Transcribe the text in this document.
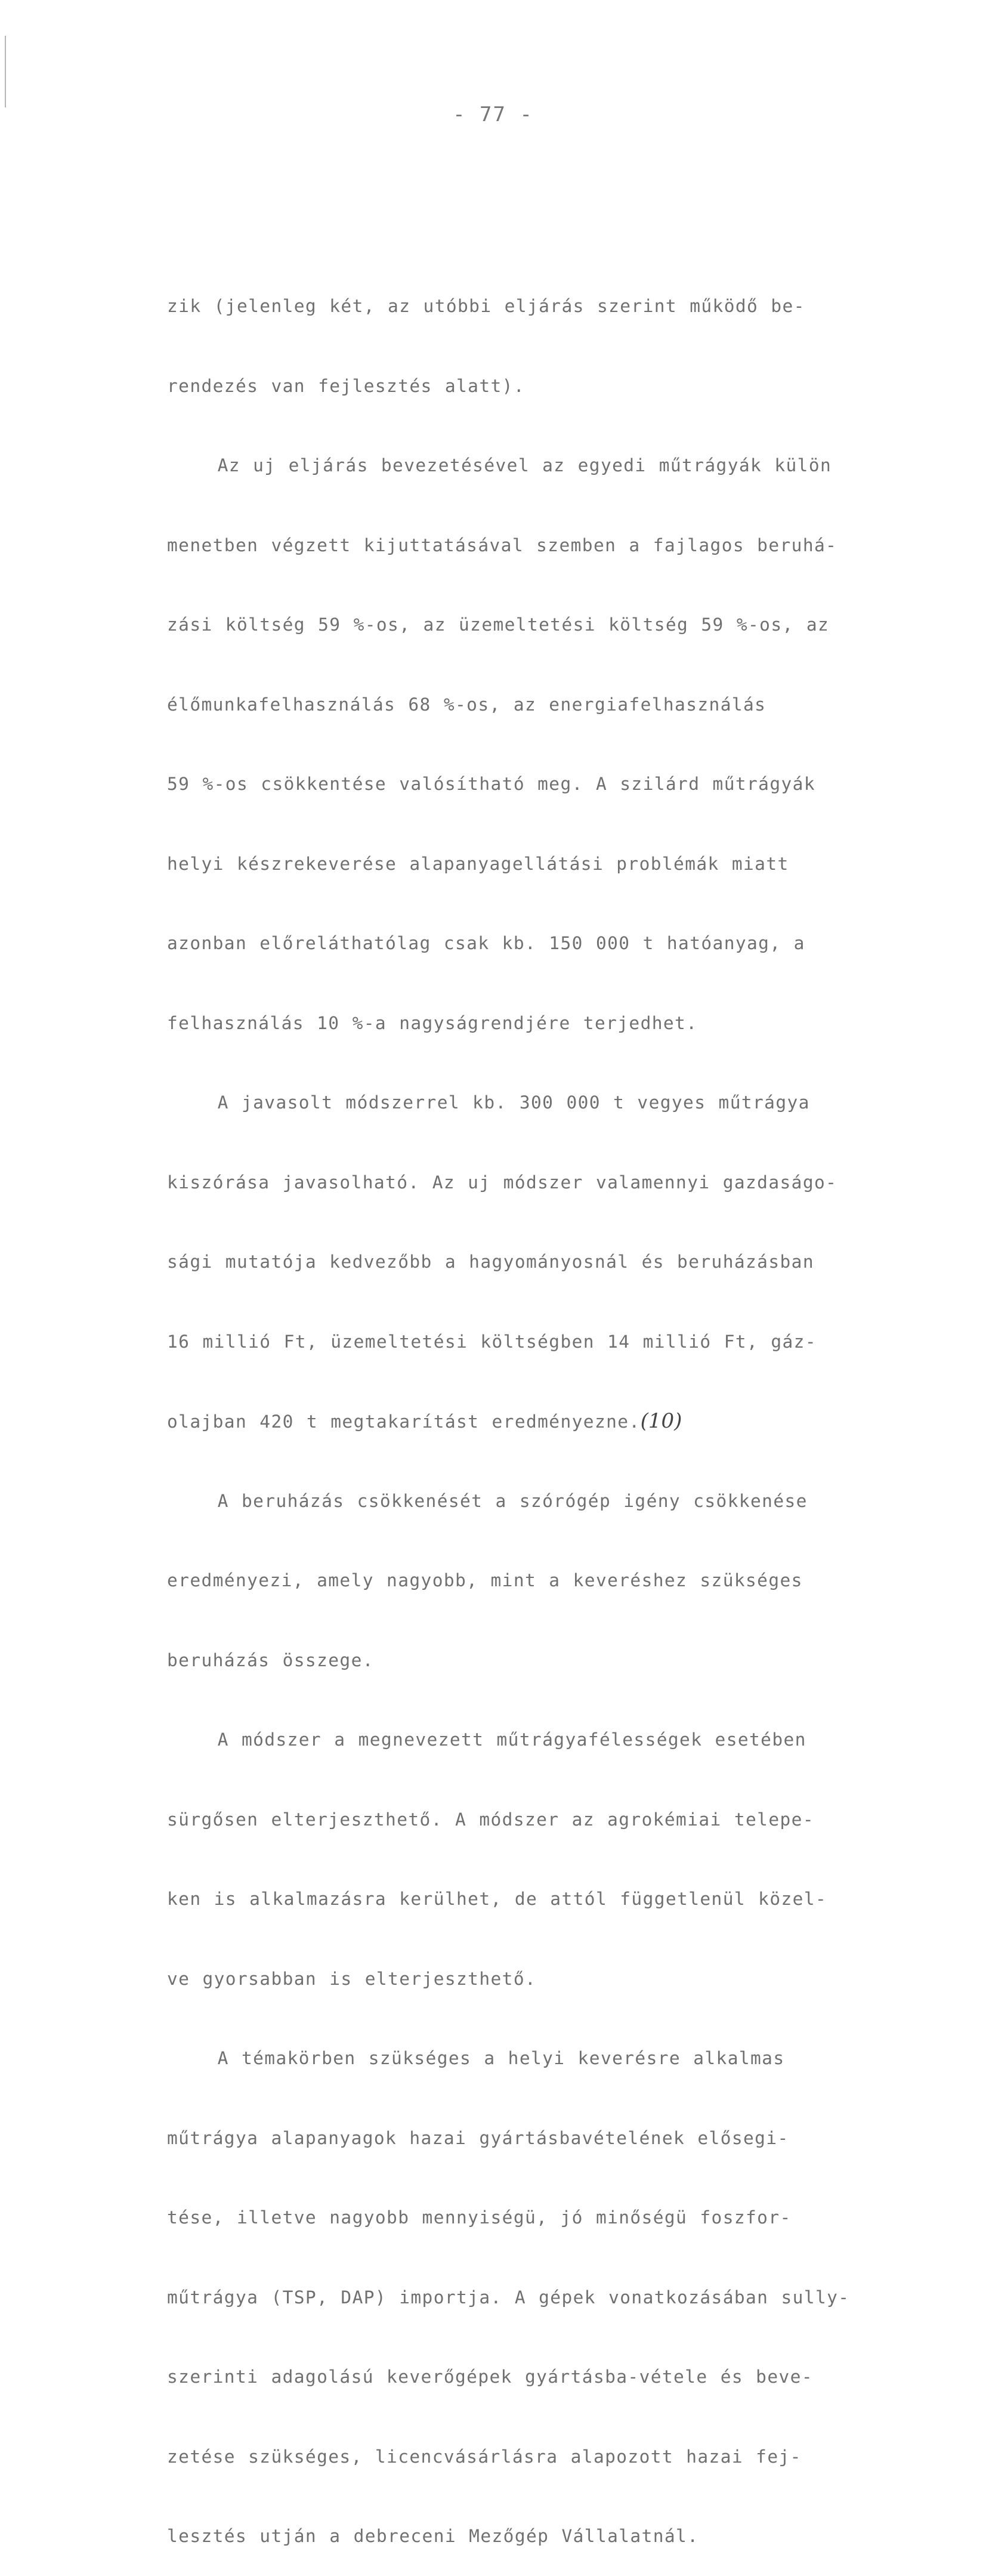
- 77 -

zik (jelenleg két, az utóbbi eljárás szerint működő be-

rendezés van fejlesztés alatt).

Az uj eljárás bevezetésével az egyedi műtrágyák külön

menetben végzett kijuttatásával szemben a fajlagos beruhá-

zási költség 59 %-os, az üzemeltetési költség 59 %-os, az

élőmunkafelhasználás 68 %-os, az energiafelhasználás

59 %-os csökkentése valósítható meg. A szilárd műtrágyák

helyi készrekeverése alapanyagellátási problémák miatt

azonban előreláthatólag csak kb. 150 000 t hatóanyag, a

felhasználás 10 %-a nagyságrendjére terjedhet.

A javasolt módszerrel kb. 300 000 t vegyes műtrágya

kiszórása javasolható. Az uj módszer valamennyi gazdaságo-

sági mutatója kedvezőbb a hagyományosnál és beruházásban

16 millió Ft, üzemeltetési költségben 14 millió Ft, gáz-

olajban 420 t megtakarítást eredményezne.(10)

A beruházás csökkenését a szórógép igény csökkenése

eredményezi, amely nagyobb, mint a keveréshez szükséges

beruházás összege.

A módszer a megnevezett műtrágyafélességek esetében

sürgősen elterjeszthető. A módszer az agrokémiai telepe-

ken is alkalmazásra kerülhet, de attól függetlenül közel-

ve gyorsabban is elterjeszthető.

A témakörben szükséges a helyi keverésre alkalmas

műtrágya alapanyagok hazai gyártásbavételének elősegi-

tése, illetve nagyobb mennyiségü, jó minőségü foszfor-

műtrágya (TSP, DAP) importja. A gépek vonatkozásában sully-

szerinti adagolású keverőgépek gyártásba-vétele és beve-

zetése szükséges, licencvásárlásra alapozott hazai fej-

lesztés utján a debreceni Mezőgép Vállalatnál.
